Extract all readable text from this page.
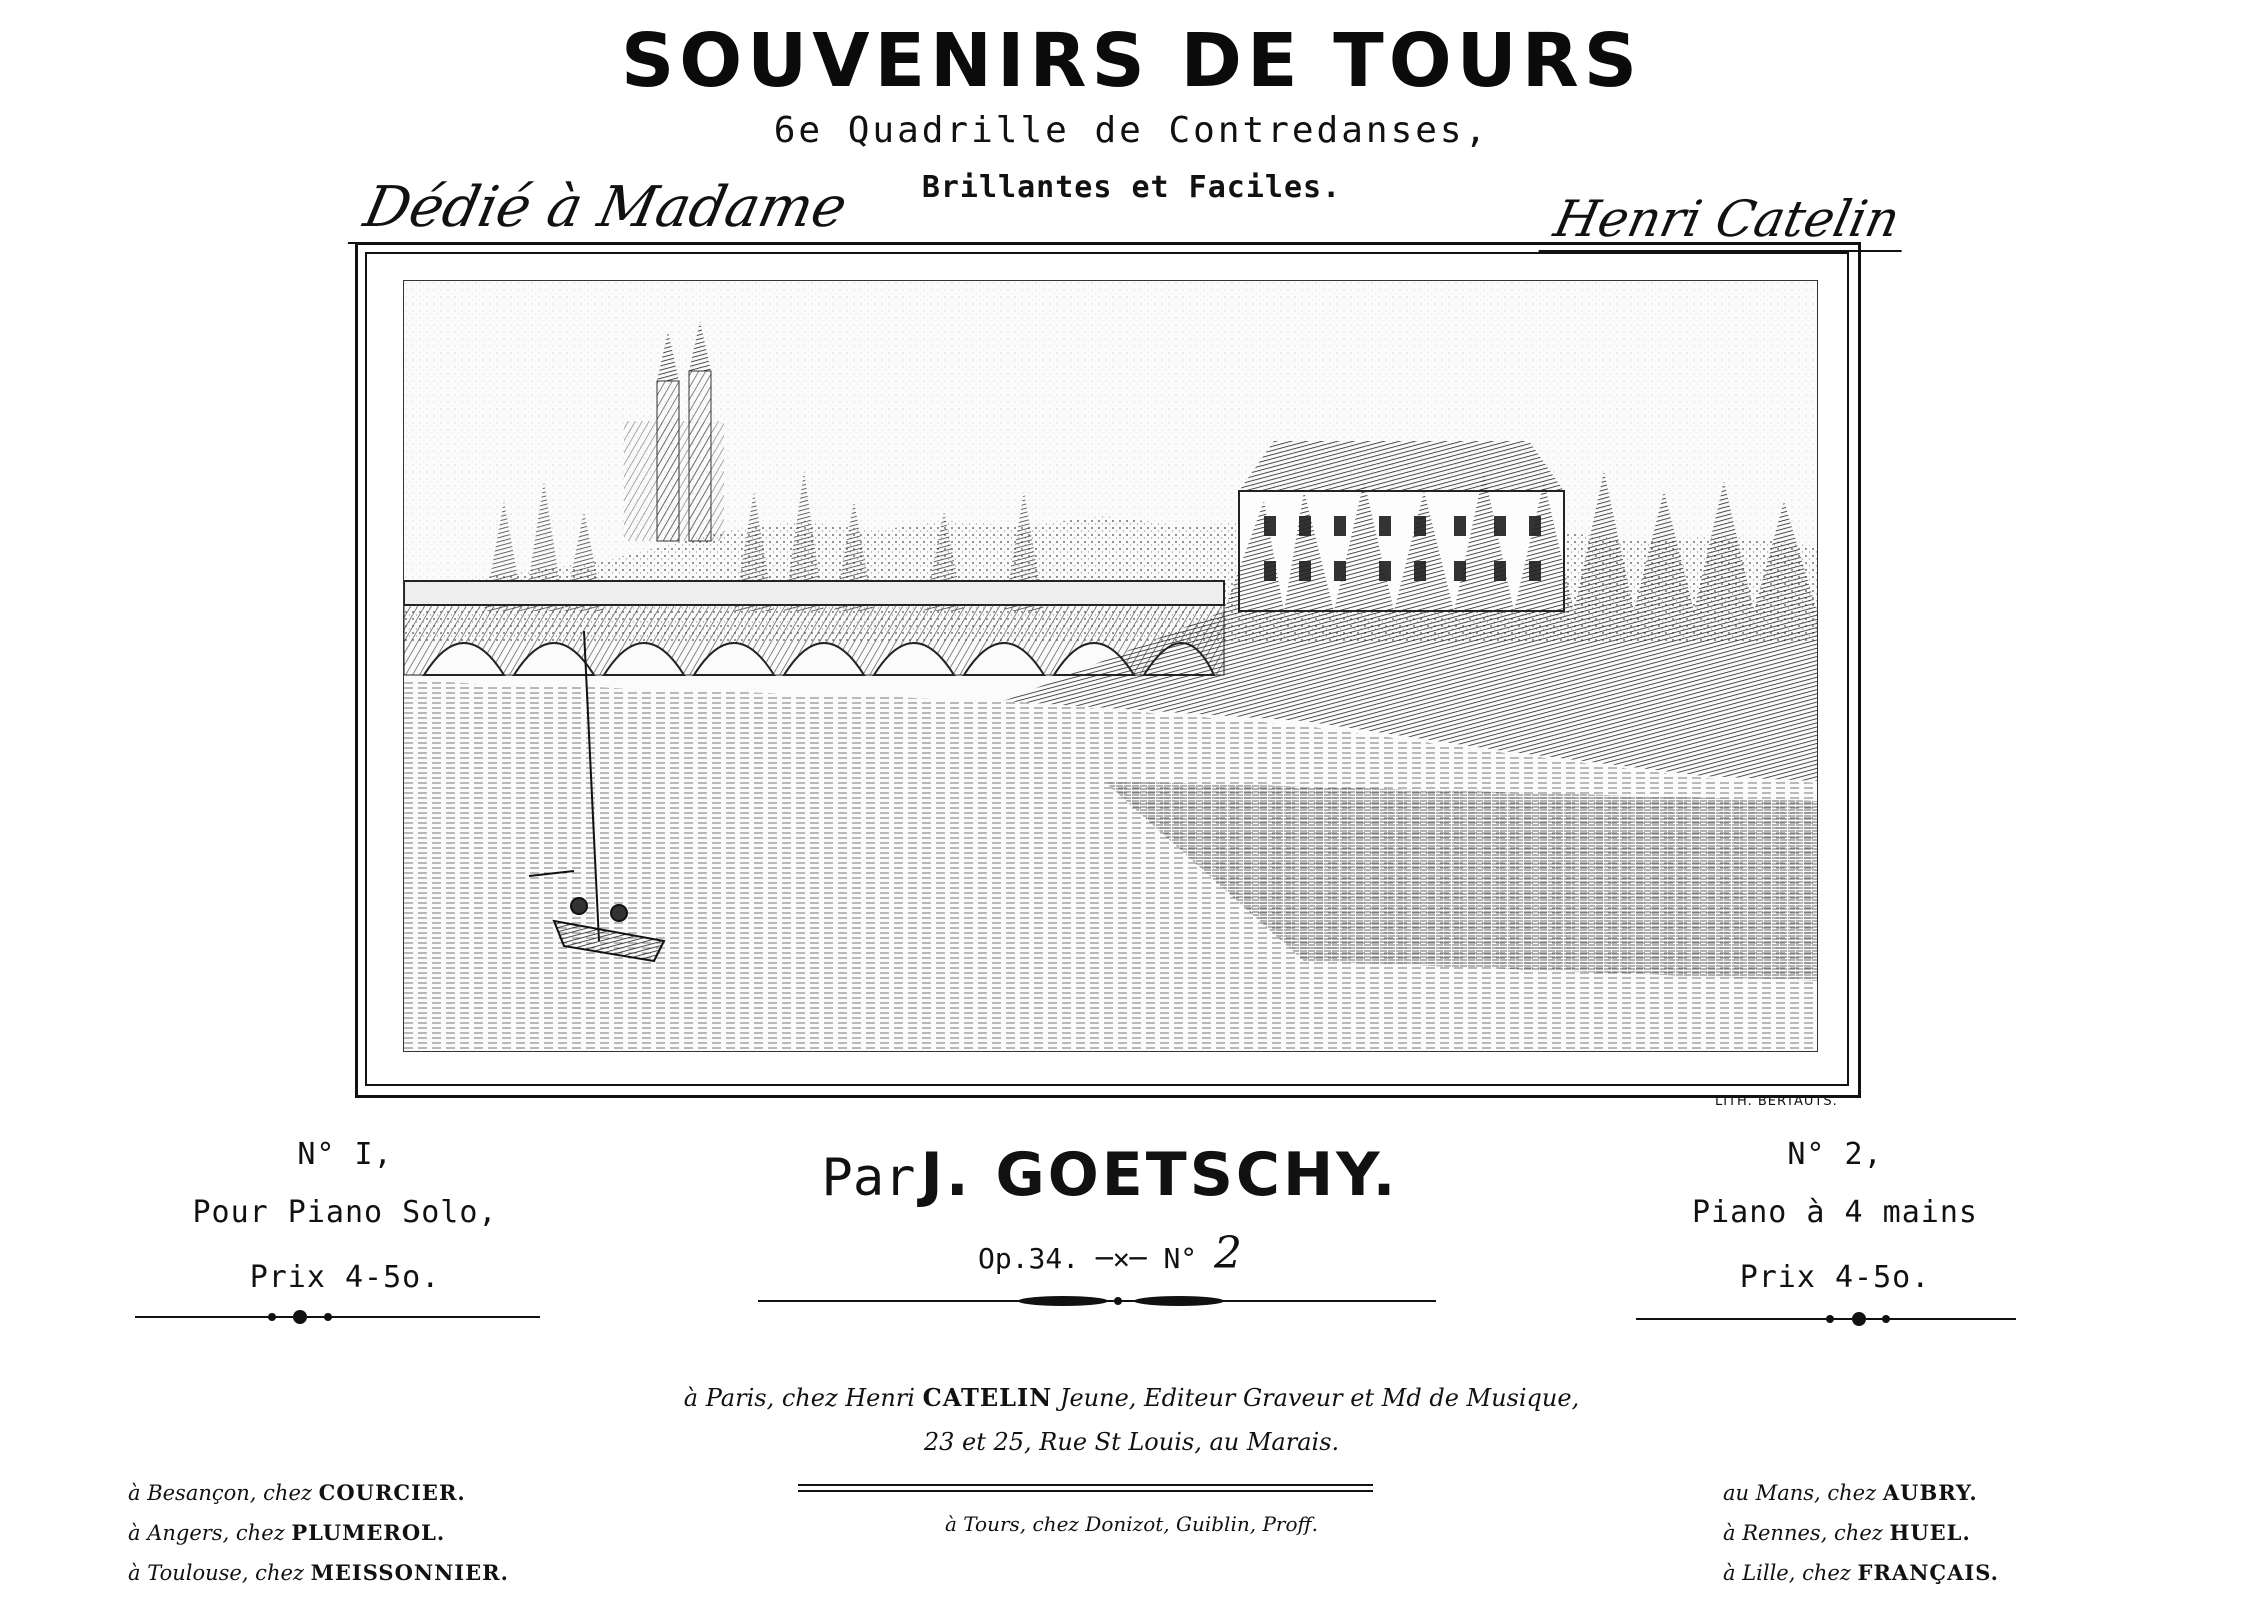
SOUVENIRS DE TOURS
6e Quadrille de Contredanses,
Brillantes et Faciles.
Dédié à Madame	Henri Catelin
LITH. BERTAUTS.
N° I,
Pour Piano Solo,
Prix 4-5o.
N° 2,
Piano à 4 mains
Prix 4-5o.
Par J. GOETSCHY.
Op.34. ─✕─ N° 2
à Paris, chez Henri CATELIN Jeune, Editeur Graveur et Md de Musique,
23 et 25, Rue St Louis, au Marais.
à Tours, chez Donizot, Guiblin, Proff.
à Besançon, chez COURCIER.
à Angers, chez PLUMEROL.
à Toulouse, chez MEISSONNIER.
au Mans, chez AUBRY.
à Rennes, chez HUEL.
à Lille, chez FRANÇAIS.
